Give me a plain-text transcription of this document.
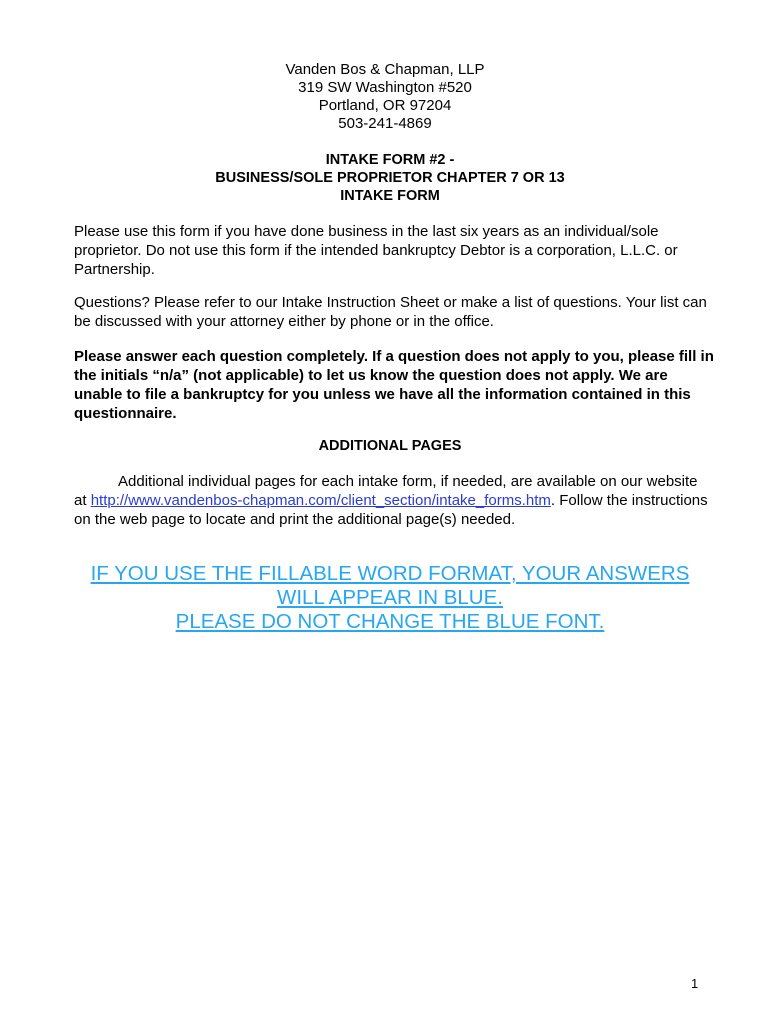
Vanden Bos & Chapman, LLP
319 SW Washington #520
Portland, OR 97204
503-241-4869
INTAKE FORM #2 -
BUSINESS/SOLE PROPRIETOR CHAPTER 7 OR 13
INTAKE FORM
Please use this form if you have done business in the last six years as an individual/sole proprietor. Do not use this form if the intended bankruptcy Debtor is a corporation, L.L.C. or Partnership.
Questions? Please refer to our Intake Instruction Sheet or make a list of questions. Your list can be discussed with your attorney either by phone or in the office.
Please answer each question completely. If a question does not apply to you, please fill in the initials “n/a” (not applicable) to let us know the question does not apply. We are unable to file a bankruptcy for you unless we have all the information contained in this questionnaire.
ADDITIONAL PAGES
Additional individual pages for each intake form, if needed, are available on our website at http://www.vandenbos-chapman.com/client_section/intake_forms.htm. Follow the instructions on the web page to locate and print the additional page(s) needed.
IF YOU USE THE FILLABLE WORD FORMAT, YOUR ANSWERS
WILL APPEAR IN BLUE.
PLEASE DO NOT CHANGE THE BLUE FONT.
1
